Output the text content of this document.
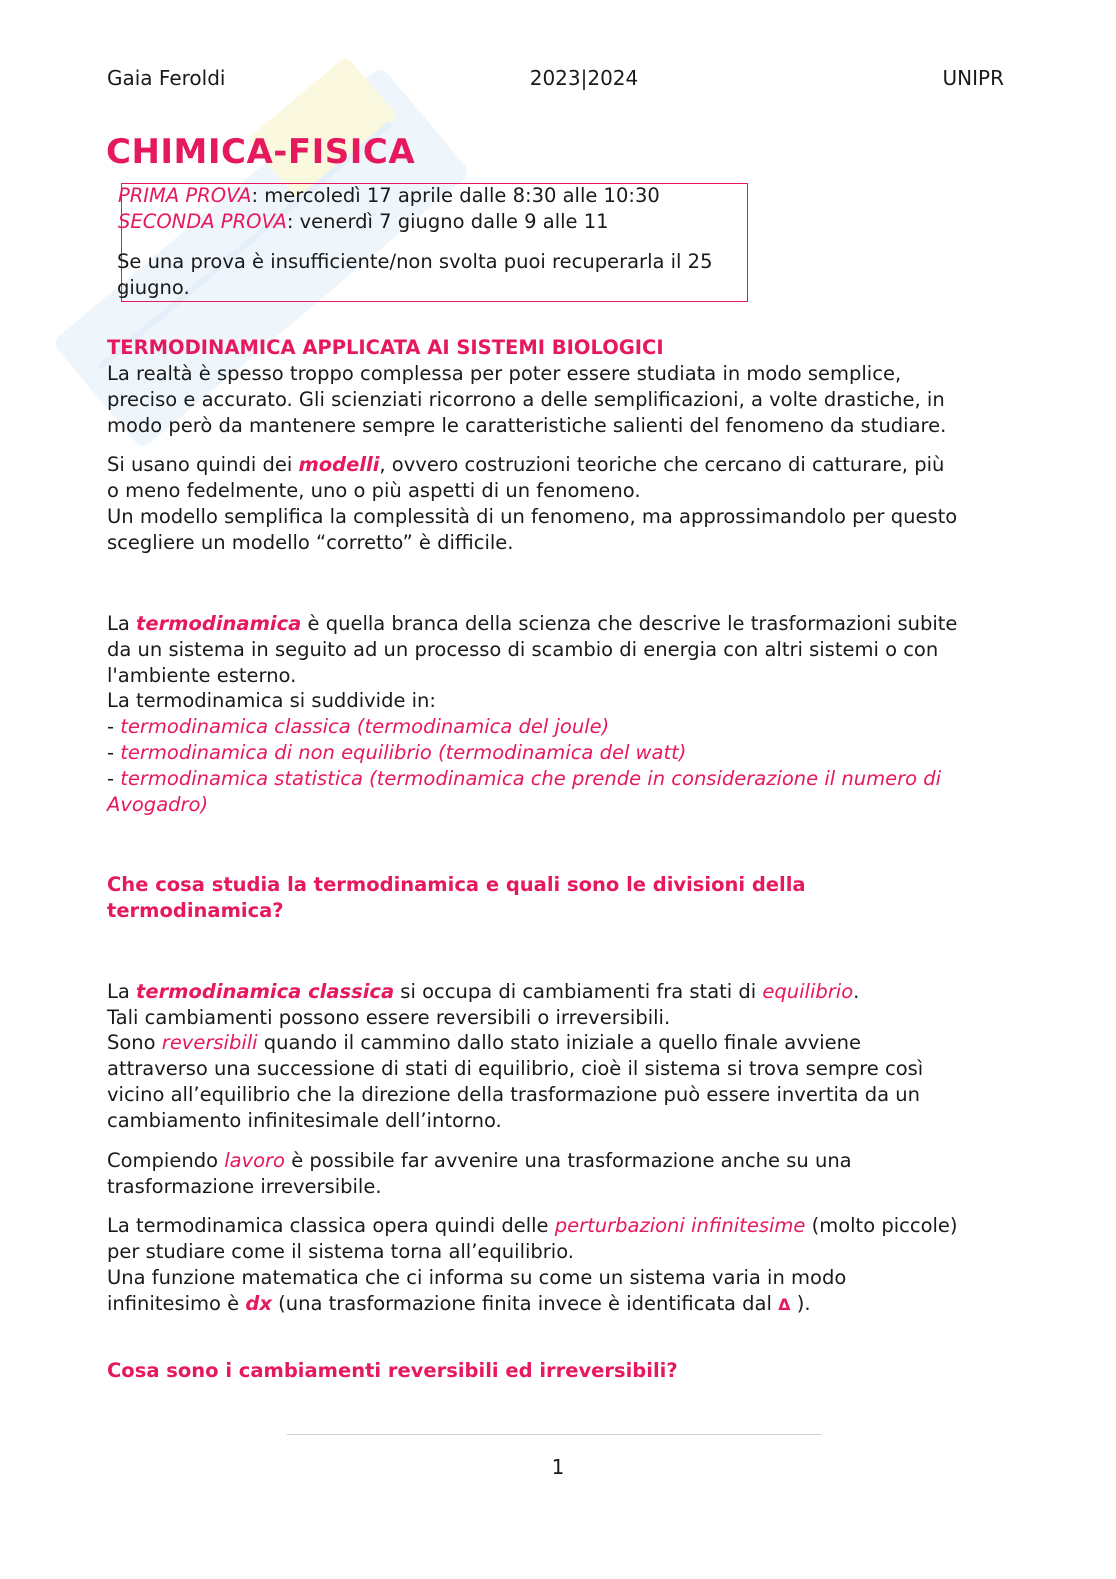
Gaia Feroldi	2023|2024	UNIPR
CHIMICA-FISICA

PRIMA PROVA: mercoledì 17 aprile dalle 8:30 alle 10:30

SECONDA PROVA: venerdì 7 giugno dalle 9 alle 11

Se una prova è insufficiente/non svolta puoi recuperarla il 25

giugno.

TERMODINAMICA APPLICATA AI SISTEMI BIOLOGICI

La realtà è spesso troppo complessa per poter essere studiata in modo semplice,

preciso e accurato. Gli scienziati ricorrono a delle semplificazioni, a volte drastiche, in

modo però da mantenere sempre le caratteristiche salienti del fenomeno da studiare.

Si usano quindi dei modelli, ovvero costruzioni teoriche che cercano di catturare, più

o meno fedelmente, uno o più aspetti di un fenomeno.

Un modello semplifica la complessità di un fenomeno, ma approssimandolo per questo

scegliere un modello “corretto” è difficile.

La termodinamica è quella branca della scienza che descrive le trasformazioni subite

da un sistema in seguito ad un processo di scambio di energia con altri sistemi o con

l'ambiente esterno.

La termodinamica si suddivide in:

- termodinamica classica (termodinamica del joule)

- termodinamica di non equilibrio (termodinamica del watt)

- termodinamica statistica (termodinamica che prende in considerazione il numero di

Avogadro)

Che cosa studia la termodinamica e quali sono le divisioni della
termodinamica?

La termodinamica classica si occupa di cambiamenti fra stati di equilibrio.

Tali cambiamenti possono essere reversibili o irreversibili.

Sono reversibili quando il cammino dallo stato iniziale a quello finale avviene

attraverso una successione di stati di equilibrio, cioè il sistema si trova sempre così

vicino all’equilibrio che la direzione della trasformazione può essere invertita da un

cambiamento infinitesimale dell’intorno.

Compiendo lavoro è possibile far avvenire una trasformazione anche su una

trasformazione irreversibile.

La termodinamica classica opera quindi delle perturbazioni infinitesime (molto piccole)

per studiare come il sistema torna all’equilibrio.

Una funzione matematica che ci informa su come un sistema varia in modo

infinitesimo è dx (una trasformazione finita invece è identificata dal Δ ).

Cosa sono i cambiamenti reversibili ed irreversibili?
1
